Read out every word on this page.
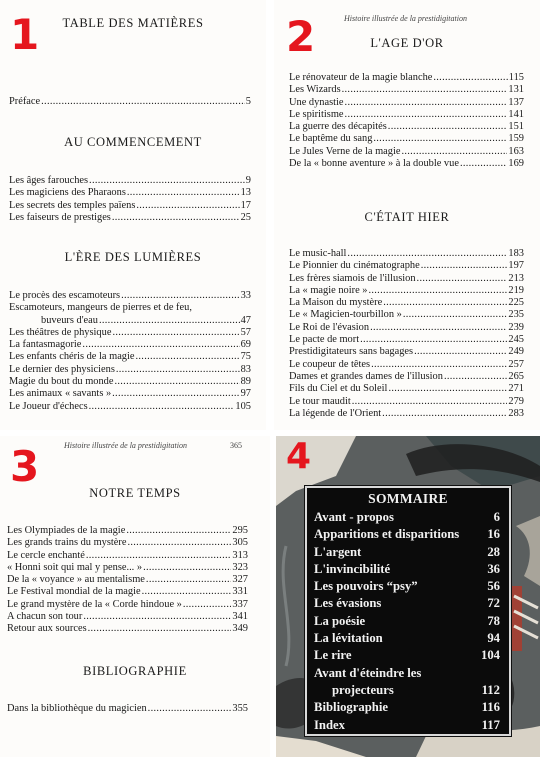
1	TABLE DES MATIÈRES
Préface .....	5
AU COMMENCEMENT
Les âges farouches .....	9
Les magiciens des Pharaons .....	13
Les secrets des temples païens .....	17
Les faiseurs de prestiges .....	25
L'ÈRE DES LUMIÈRES
Le procès des escamoteurs .....	33
Escamoteurs, mangeurs de pierres et de feu,
buveurs d'eau .....	47
Les théâtres de physique .....	57
La fantasmagorie .....	69
Les enfants chéris de la magie .....	75
Le dernier des physiciens .....	83
Magie du bout du monde .....	89
Les animaux « savants » .....	97
Le Joueur d'échecs .....	105
Histoire illustrée de la prestidigitation
2	L'AGE D'OR
Le rénovateur de la magie blanche .....	115
Les Wizards .....	131
Une dynastie .....	137
Le spiritisme .....	141
La guerre des décapités .....	151
Le baptême du sang .....	159
Le Jules Verne de la magie .....	163
De la « bonne aventure » à la double vue .....	169
C'ÉTAIT HIER
Le music-hall .....	183
Le Pionnier du cinématographe .....	197
Les frères siamois de l'illusion .....	213
La « magie noire » .....	219
La Maison du mystère .....	225
Le « Magicien-tourbillon » .....	235
Le Roi de l'évasion .....	239
Le pacte de mort .....	245
Prestidigitateurs sans bagages .....	249
Le coupeur de têtes .....	257
Dames et grandes dames de l'illusion .....	265
Fils du Ciel et du Soleil .....	271
Le tour maudit .....	279
La légende de l'Orient .....	283
3	Histoire illustrée de la prestidigitation	365
NOTRE TEMPS
Les Olympiades de la magie .....	295
Les grands trains du mystère .....	305
Le cercle enchanté .....	313
« Honni soit qui mal y pense... » .....	323
De la « voyance » au mentalisme .....	327
Le Festival mondial de la magie .....	331
Le grand mystère de la « Corde hindoue » .....	337
A chacun son tour .....	341
Retour aux sources .....	349
BIBLIOGRAPHIE
Dans la bibliothèque du magicien .....	355
4
SOMMAIRE
Avant - propos	6
Apparitions et disparitions	16
L'argent	28
L'invincibilité	36
Les pouvoirs “psy”	56
Les évasions	72
La poésie	78
La lévitation	94
Le rire	104
Avant d'éteindre les
projecteurs	112
Bibliographie	116
Index	117
